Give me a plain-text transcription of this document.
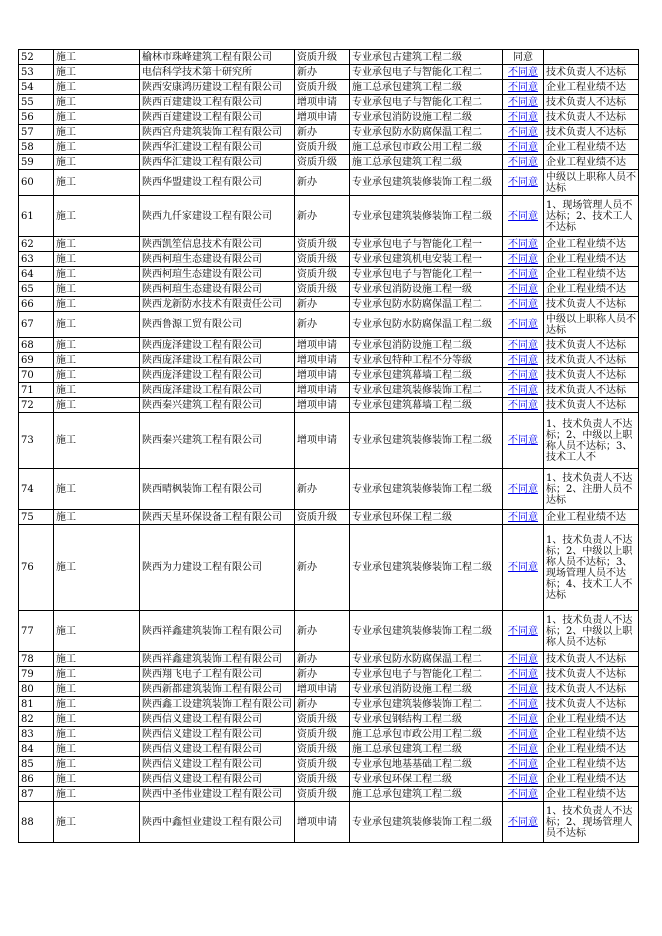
52	施工	榆林市珠峰建筑工程有限公司	资质升级	专业承包古建筑工程二级	同意	
53	施工	电信科学技术第十研究所	新办	专业承包电子与智能化工程二	不同意	技术负责人不达标
54	施工	陕西安康鸿历建设工程有限公司	资质升级	施工总承包建筑工程二级	不同意	企业工程业绩不达
55	施工	陕西百建建设工程有限公司	增项申请	专业承包电子与智能化工程二	不同意	技术负责人不达标
56	施工	陕西百建建设工程有限公司	增项申请	专业承包消防设施工程二级	不同意	技术负责人不达标
57	施工	陕西宫舟建筑装饰工程有限公司	新办	专业承包防水防腐保温工程二	不同意	技术负责人不达标
58	施工	陕西华汇建设工程有限公司	资质升级	施工总承包市政公用工程二级	不同意	企业工程业绩不达
59	施工	陕西华汇建设工程有限公司	资质升级	施工总承包建筑工程二级	不同意	企业工程业绩不达
60	施工	陕西华盟建设工程有限公司	新办	专业承包建筑装修装饰工程二级	不同意	中级以上职称人员不达标
61	施工	陕西九仟家建设工程有限公司	新办	专业承包建筑装修装饰工程二级	不同意	1、现场管理人员不达标；2、技术工人不达标
62	施工	陕西凯笙信息技术有限公司	资质升级	专业承包电子与智能化工程一	不同意	企业工程业绩不达
63	施工	陕西柯瑄生态建设有限公司	资质升级	专业承包建筑机电安装工程一	不同意	企业工程业绩不达
64	施工	陕西柯瑄生态建设有限公司	资质升级	专业承包电子与智能化工程一	不同意	企业工程业绩不达
65	施工	陕西柯瑄生态建设有限公司	资质升级	专业承包消防设施工程一级	不同意	企业工程业绩不达
66	施工	陕西龙新防水技术有限责任公司	新办	专业承包防水防腐保温工程二	不同意	技术负责人不达标
67	施工	陕西鲁源工贸有限公司	新办	专业承包防水防腐保温工程二级	不同意	中级以上职称人员不达标
68	施工	陕西庞泽建设工程有限公司	增项申请	专业承包消防设施工程二级	不同意	技术负责人不达标
69	施工	陕西庞泽建设工程有限公司	增项申请	专业承包特种工程不分等级	不同意	技术负责人不达标
70	施工	陕西庞泽建设工程有限公司	增项申请	专业承包建筑幕墙工程二级	不同意	技术负责人不达标
71	施工	陕西庞泽建设工程有限公司	增项申请	专业承包建筑装修装饰工程二	不同意	技术负责人不达标
72	施工	陕西秦兴建筑工程有限公司	增项申请	专业承包建筑幕墙工程二级	不同意	技术负责人不达标
73	施工	陕西秦兴建筑工程有限公司	增项申请	专业承包建筑装修装饰工程二级	不同意	1、技术负责人不达标；2、中级以上职称人员不达标；3、技术工人不
74	施工	陕西晴枫装饰工程有限公司	新办	专业承包建筑装修装饰工程二级	不同意	1、技术负责人不达标；2、注册人员不达标
75	施工	陕西天星环保设备工程有限公司	资质升级	专业承包环保工程二级	不同意	企业工程业绩不达
76	施工	陕西为力建设工程有限公司	新办	专业承包建筑装修装饰工程二级	不同意	1、技术负责人不达标；2、中级以上职称人员不达标；3、现场管理人员不达标；4、技术工人不达标
77	施工	陕西祥鑫建筑装饰工程有限公司	新办	专业承包建筑装修装饰工程二级	不同意	1、技术负责人不达标；2、中级以上职称人员不达标
78	施工	陕西祥鑫建筑装饰工程有限公司	新办	专业承包防水防腐保温工程二	不同意	技术负责人不达标
79	施工	陕西翔飞电子工程有限公司	新办	专业承包电子与智能化工程二	不同意	技术负责人不达标
80	施工	陕西新都建筑装饰工程有限公司	增项申请	专业承包消防设施工程二级	不同意	技术负责人不达标
81	施工	陕西鑫工设建筑装饰工程有限公司	新办	专业承包建筑装修装饰工程二	不同意	技术负责人不达标
82	施工	陕西信义建设工程有限公司	资质升级	专业承包钢结构工程二级	不同意	企业工程业绩不达
83	施工	陕西信义建设工程有限公司	资质升级	施工总承包市政公用工程二级	不同意	企业工程业绩不达
84	施工	陕西信义建设工程有限公司	资质升级	施工总承包建筑工程二级	不同意	企业工程业绩不达
85	施工	陕西信义建设工程有限公司	资质升级	专业承包地基基础工程二级	不同意	企业工程业绩不达
86	施工	陕西信义建设工程有限公司	资质升级	专业承包环保工程二级	不同意	企业工程业绩不达
87	施工	陕西中圣伟业建设工程有限公司	资质升级	施工总承包建筑工程二级	不同意	企业工程业绩不达
88	施工	陕西中鑫恒业建设工程有限公司	增项申请	专业承包建筑装修装饰工程二级	不同意	1、技术负责人不达标；2、现场管理人员不达标
